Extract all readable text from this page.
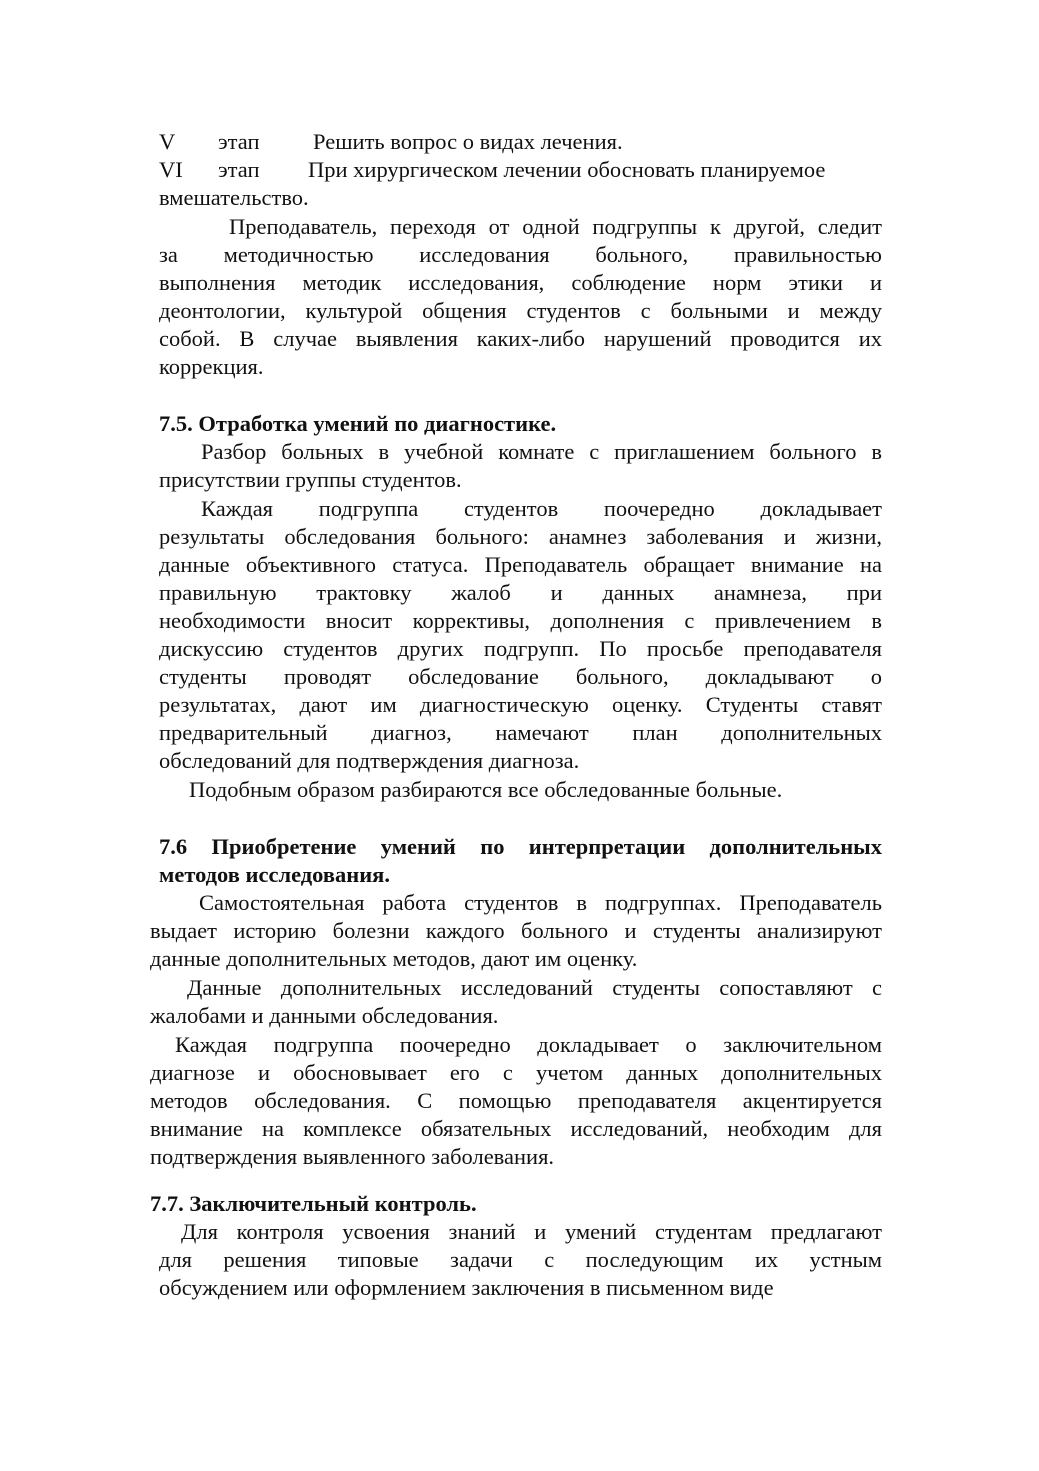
V этап Решить вопрос о видах лечения.
VI этап При хирургическом лечении обосновать планируемое
вмешательство.
Преподаватель, переходя от одной подгруппы к другой, следит
за методичностью исследования больного, правильностью
выполнения методик исследования, соблюдение норм этики и
деонтологии, культурой общения студентов с больными и между
собой. В случае выявления каких-либо нарушений проводится их
коррекция.
7.5. Отработка умений по диагностике.
Разбор больных в учебной комнате с приглашением больного в
присутствии группы студентов.
Каждая подгруппа студентов поочередно докладывает
результаты обследования больного: анамнез заболевания и жизни,
данные объективного статуса. Преподаватель обращает внимание на
правильную трактовку жалоб и данных анамнеза, при
необходимости вносит коррективы, дополнения с привлечением в
дискуссию студентов других подгрупп. По просьбе преподавателя
студенты проводят обследование больного, докладывают о
результатах, дают им диагностическую оценку. Студенты ставят
предварительный диагноз, намечают план дополнительных
обследований для подтверждения диагноза.
Подобным образом разбираются все обследованные больные.
7.6 Приобретение умений по интерпретации дополнительных
методов исследования.
Самостоятельная работа студентов в подгруппах. Преподаватель
выдает историю болезни каждого больного и студенты анализируют
данные дополнительных методов, дают им оценку.
Данные дополнительных исследований студенты сопоставляют с
жалобами и данными обследования.
Каждая подгруппа поочередно докладывает о заключительном
диагнозе и обосновывает его с учетом данных дополнительных
методов обследования. С помощью преподавателя акцентируется
внимание на комплексе обязательных исследований, необходим для
подтверждения выявленного заболевания.
7.7. Заключительный контроль.
Для контроля усвоения знаний и умений студентам предлагают
для решения типовые задачи с последующим их устным
обсуждением или оформлением заключения в письменном виде
